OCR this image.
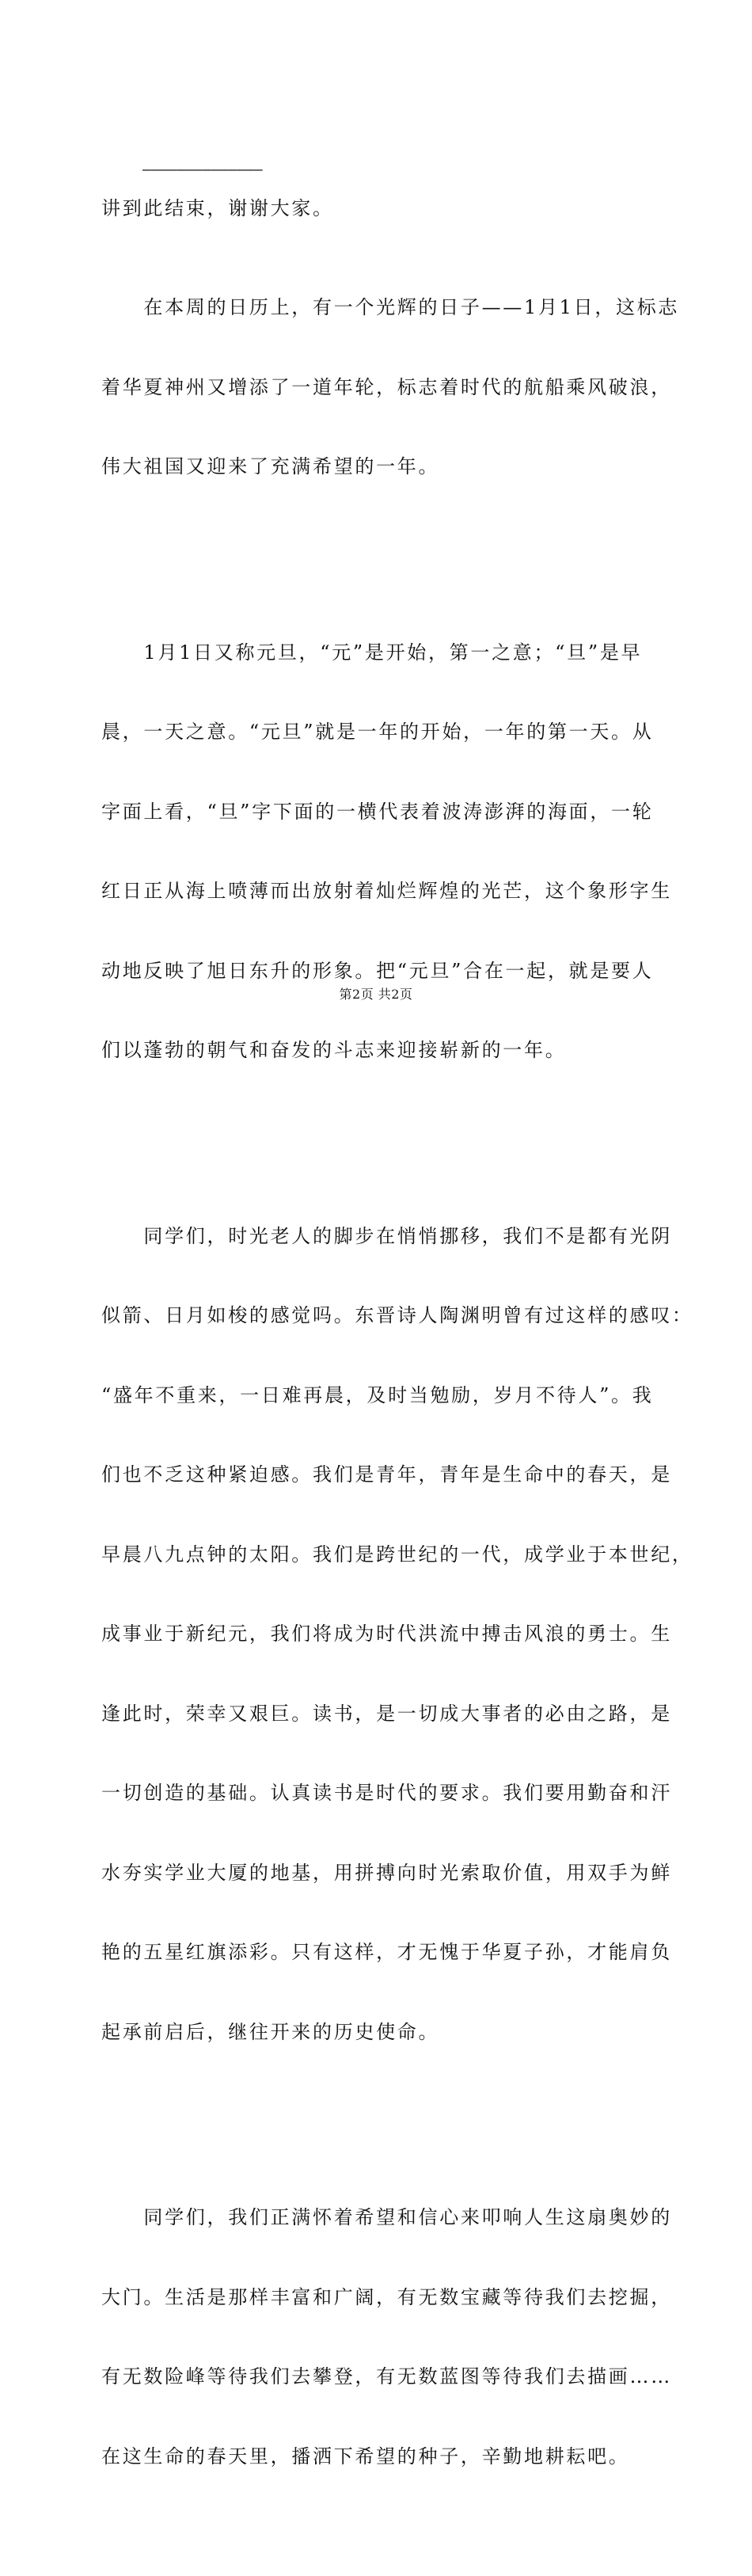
讲到此结束，谢谢大家。

——————————————

　　在本周的日历上，有一个光辉的日子——1月1日，这标志

着华夏神州又增添了一道年轮，标志着时代的航船乘风破浪，

伟大祖国又迎来了充满希望的一年。

　　1月1日又称元旦，“元”是开始，第一之意；“旦”是早

晨，一天之意。“元旦”就是一年的开始，一年的第一天。从

字面上看，“旦”字下面的一横代表着波涛澎湃的海面，一轮

红日正从海上喷薄而出放射着灿烂辉煌的光芒，这个象形字生

动地反映了旭日东升的形象。把“元旦”合在一起，就是要人

们以蓬勃的朝气和奋发的斗志来迎接崭新的一年。

　　同学们，时光老人的脚步在悄悄挪移，我们不是都有光阴

似箭、日月如梭的感觉吗。东晋诗人陶渊明曾有过这样的感叹：

“盛年不重来，一日难再晨，及时当勉励，岁月不待人”。我

们也不乏这种紧迫感。我们是青年，青年是生命中的春天，是

早晨八九点钟的太阳。我们是跨世纪的一代，成学业于本世纪，

成事业于新纪元，我们将成为时代洪流中搏击风浪的勇士。生

逢此时，荣幸又艰巨。读书，是一切成大事者的必由之路，是

一切创造的基础。认真读书是时代的要求。我们要用勤奋和汗

水夯实学业大厦的地基，用拼搏向时光索取价值，用双手为鲜

艳的五星红旗添彩。只有这样，才无愧于华夏子孙，才能肩负

起承前启后，继往开来的历史使命。

　　同学们，我们正满怀着希望和信心来叩响人生这扇奥妙的

大门。生活是那样丰富和广阔，有无数宝藏等待我们去挖掘，

有无数险峰等待我们去攀登，有无数蓝图等待我们去描画……

在这生命的春天里，播洒下希望的种子，辛勤地耕耘吧。

第2页 共2页
